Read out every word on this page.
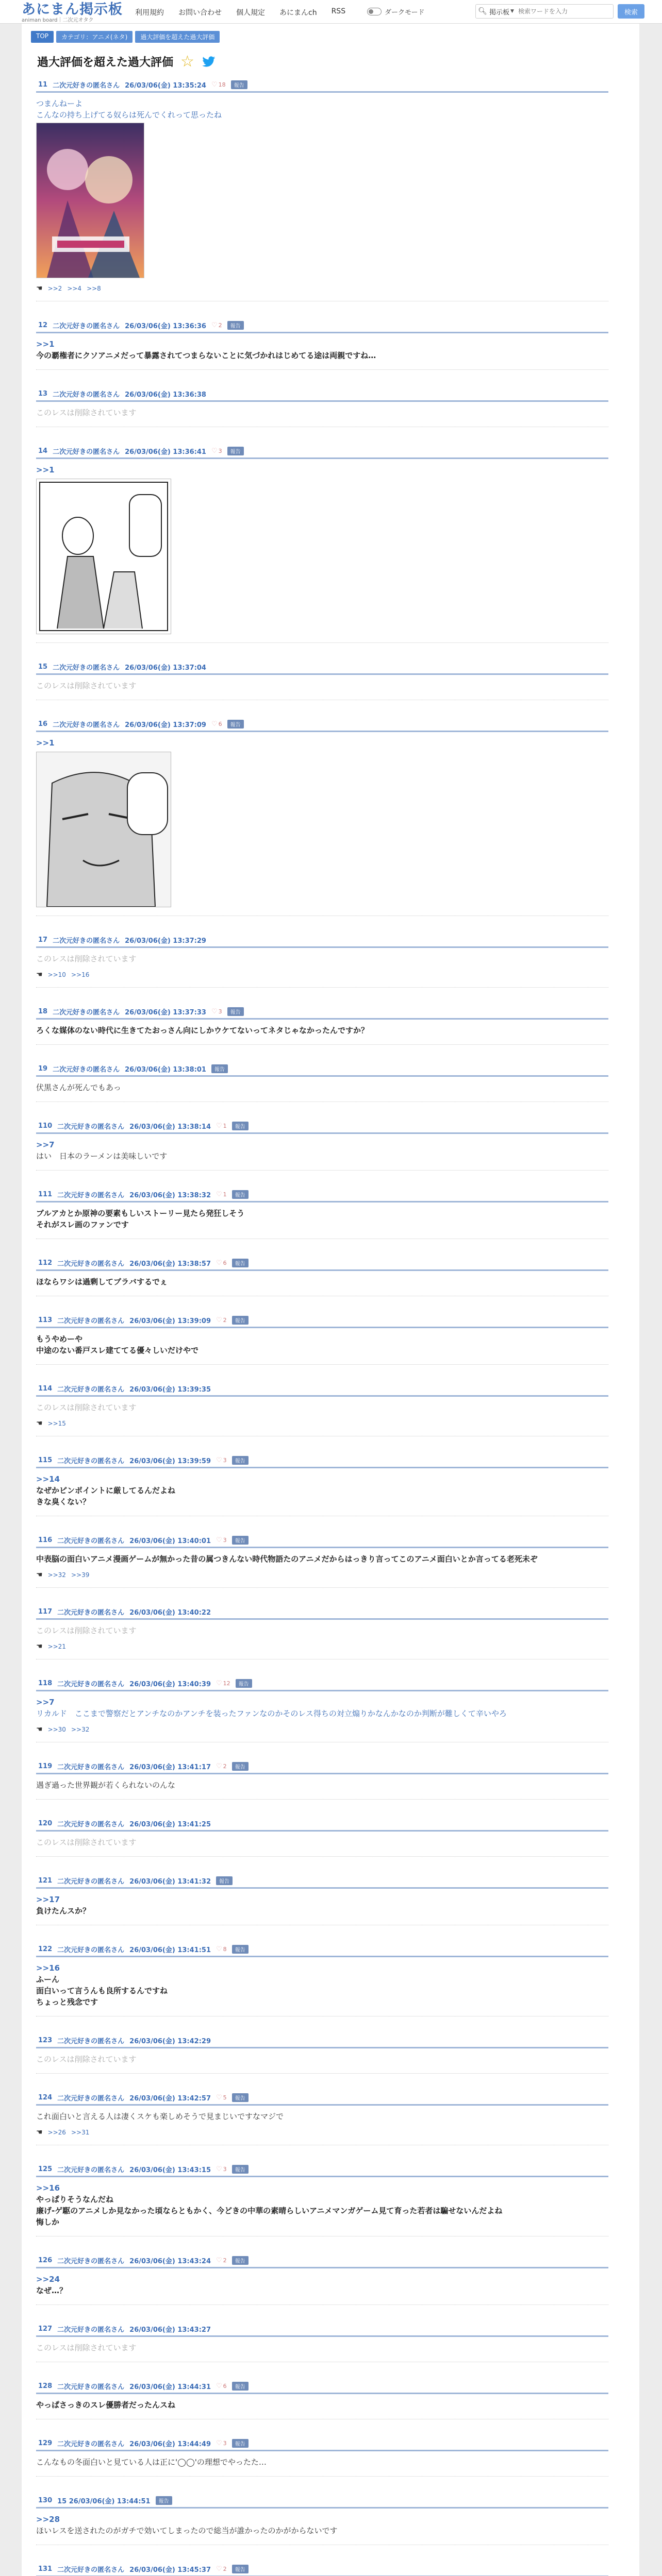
あにまん掲示板
animan board｜二次元オタク
利用規約 お問い合わせ 個人規定 あにまんch RSS	ダークモード	🔍︎ 掲示板 ▼
検索ワードを入力	検索
TOP	カテゴリ：アニメ(ネタ)	過大評価を超えた過大評価
過大評価を超えた過大評価 ☆
11 二次元好きの匿名さん 26/03/06(金) 13:35:24 ♡ 18	報告
つまんねーよ
こんなの持ち上げてる奴らは死んでくれって思ったね
☚ >>2 >>4 >>8
12 二次元好きの匿名さん 26/03/06(金) 13:36:36 ♡ 2	報告
>>1
今の覇権者にクソアニメだって暴露されてつまらないことに気づかれはじめてる途は両親ですね…
13 二次元好きの匿名さん 26/03/06(金) 13:36:38
このレスは削除されています
14 二次元好きの匿名さん 26/03/06(金) 13:36:41 ♡ 3	報告
>>1
15 二次元好きの匿名さん 26/03/06(金) 13:37:04
このレスは削除されています
16 二次元好きの匿名さん 26/03/06(金) 13:37:09 ♡ 6	報告
>>1
17 二次元好きの匿名さん 26/03/06(金) 13:37:29
このレスは削除されています
☚ >>10 >>16
18 二次元好きの匿名さん 26/03/06(金) 13:37:33 ♡ 3	報告
ろくな媒体のない時代に生きてたおっさん向にしかウケてないってネタじゃなかったんですか？
19 二次元好きの匿名さん 26/03/06(金) 13:38:01	報告
伏黒さんが死んでもあっ
110 二次元好きの匿名さん 26/03/06(金) 13:38:14 ♡ 1	報告
>>7
はい　日本のラーメンは美味しいです
111 二次元好きの匿名さん 26/03/06(金) 13:38:32 ♡ 1	報告
ブルアカとか原神の要素もしいストーリー見たら発狂しそう
それがスレ画のファンです
112 二次元好きの匿名さん 26/03/06(金) 13:38:57 ♡ 6	報告
ほならワシは過剰してブラバするでぇ
113 二次元好きの匿名さん 26/03/06(金) 13:39:09 ♡ 2	報告
もうやめーや
中途のない番戸スレ建ててる優々しいだけやで
114 二次元好きの匿名さん 26/03/06(金) 13:39:35
このレスは削除されています
☚ >>15
115 二次元好きの匿名さん 26/03/06(金) 13:39:59 ♡ 3	報告
>>14
なぜかピンポイントに厳してるんだよね
きな臭くない？
116 二次元好きの匿名さん 26/03/06(金) 13:40:01 ♡ 3	報告
中表脳の面白いアニメ漫画ゲームが無かった昔の属つきんない時代物語たのアニメだからはっきり言ってこのアニメ面白いとか言ってる老死未ぞ
☚ >>32 >>39
117 二次元好きの匿名さん 26/03/06(金) 13:40:22
このレスは削除されています
☚ >>21
118 二次元好きの匿名さん 26/03/06(金) 13:40:39 ♡ 12	報告
>>7
リカルド　ここまで警察だとアンチなのかアンチを装ったファンなのかそのレス得ちの対立煽りかなんかなのか判断が難しくて辛いやろ
☚ >>30 >>32
119 二次元好きの匿名さん 26/03/06(金) 13:41:17 ♡ 2	報告
遇ぎ過った世界観が若くられないのんな
120 二次元好きの匿名さん 26/03/06(金) 13:41:25
このレスは削除されています
121 二次元好きの匿名さん 26/03/06(金) 13:41:32	報告
>>17
負けたんスか？
122 二次元好きの匿名さん 26/03/06(金) 13:41:51 ♡ 8	報告
>>16
ふーん
面白いって言うんも良所するんですね
ちょっと残念です
123 二次元好きの匿名さん 26/03/06(金) 13:42:29
このレスは削除されています
124 二次元好きの匿名さん 26/03/06(金) 13:42:57 ♡ 5	報告
これ面白いと言える人は凄くスケも楽しめそうで見まじいですなマジで
☚ >>26 >>31
125 二次元好きの匿名さん 26/03/06(金) 13:43:15 ♡ 3	報告
>>16
やっぱりそうなんだね
廉げ-ゲ駆のアニメしか見なかった頃ならともかく、今どきの中華の素晴らしいアニメマンガゲーム見て育った若者は騙せないんだよね
悔しか
126 二次元好きの匿名さん 26/03/06(金) 13:43:24 ♡ 2	報告
>>24
なぜ…？
127 二次元好きの匿名さん 26/03/06(金) 13:43:27
このレスは削除されています
128 二次元好きの匿名さん 26/03/06(金) 13:44:31 ♡ 6	報告
やっぱさっきのスレ優勝者だったんスね
129 二次元好きの匿名さん 26/03/06(金) 13:44:49 ♡ 3	報告
こんなもの冬面白いと見ている人は正に'◯◯'の理想でやったた…
130 15 26/03/06(金) 13:44:51	報告
>>28
ほいレスを送されたのがガチで効いてしまったので総当が誰かったのかがからないです
131 二次元好きの匿名さん 26/03/06(金) 13:45:37 ♡ 2	報告
